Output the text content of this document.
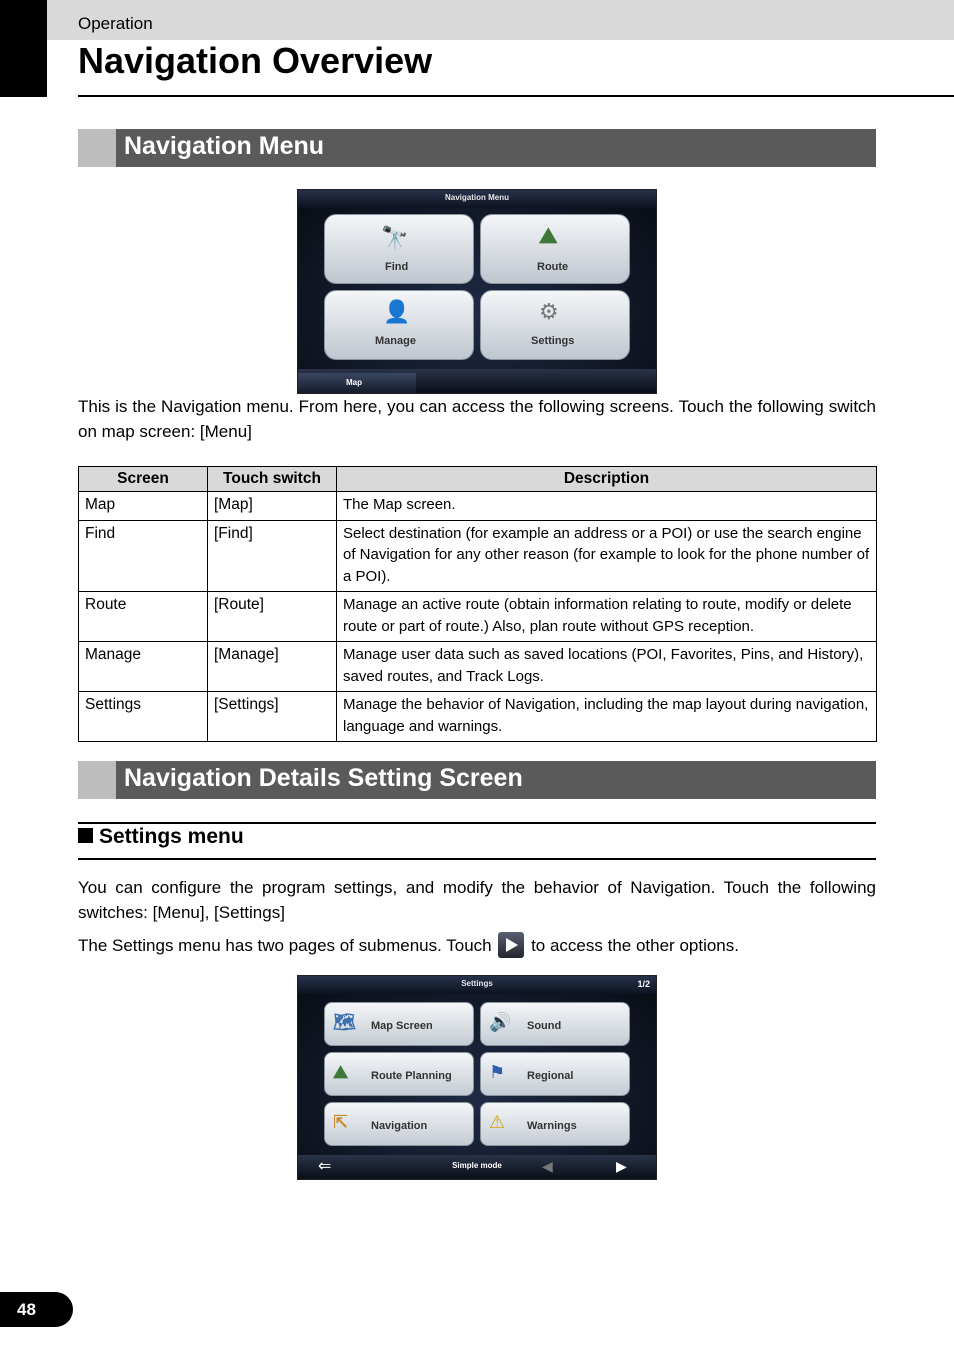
Operation
Navigation Overview
Navigation Menu
Navigation Menu
🔭
Find
⛰
Route
👤
Manage
⚙
Settings
Map

This is the Navigation menu. From here, you can access the following screens. Touch the following switch on map screen: [Menu]

Screen	Touch switch	Description
Map	[Map]	The Map screen.
Find	[Find]	Select destination (for example an address or a POI) or use the search engine of Navigation for any other reason (for example to look for the phone number of a POI).
Route	[Route]	Manage an active route (obtain information relating to route, modify or delete route or part of route.) Also, plan route without GPS reception.
Manage	[Manage]	Manage user data such as saved locations (POI, Favorites, Pins, and History), saved routes, and Track Logs.
Settings	[Settings]	Manage the behavior of Navigation, including the map layout during navigation, language and warnings.
Navigation Details Setting Screen
Settings menu

You can configure the program settings, and modify the behavior of Navigation. Touch the following switches: [Menu], [Settings]

The Settings menu has two pages of submenus. Touch to access the other options.

Settings	1/2
🗺 Map Screen	🔊 Sound
⛰ Route Planning ⚑ Regional
⇱ Navigation	⚠ Warnings
⇐	Simple mode	◀	▶
48
